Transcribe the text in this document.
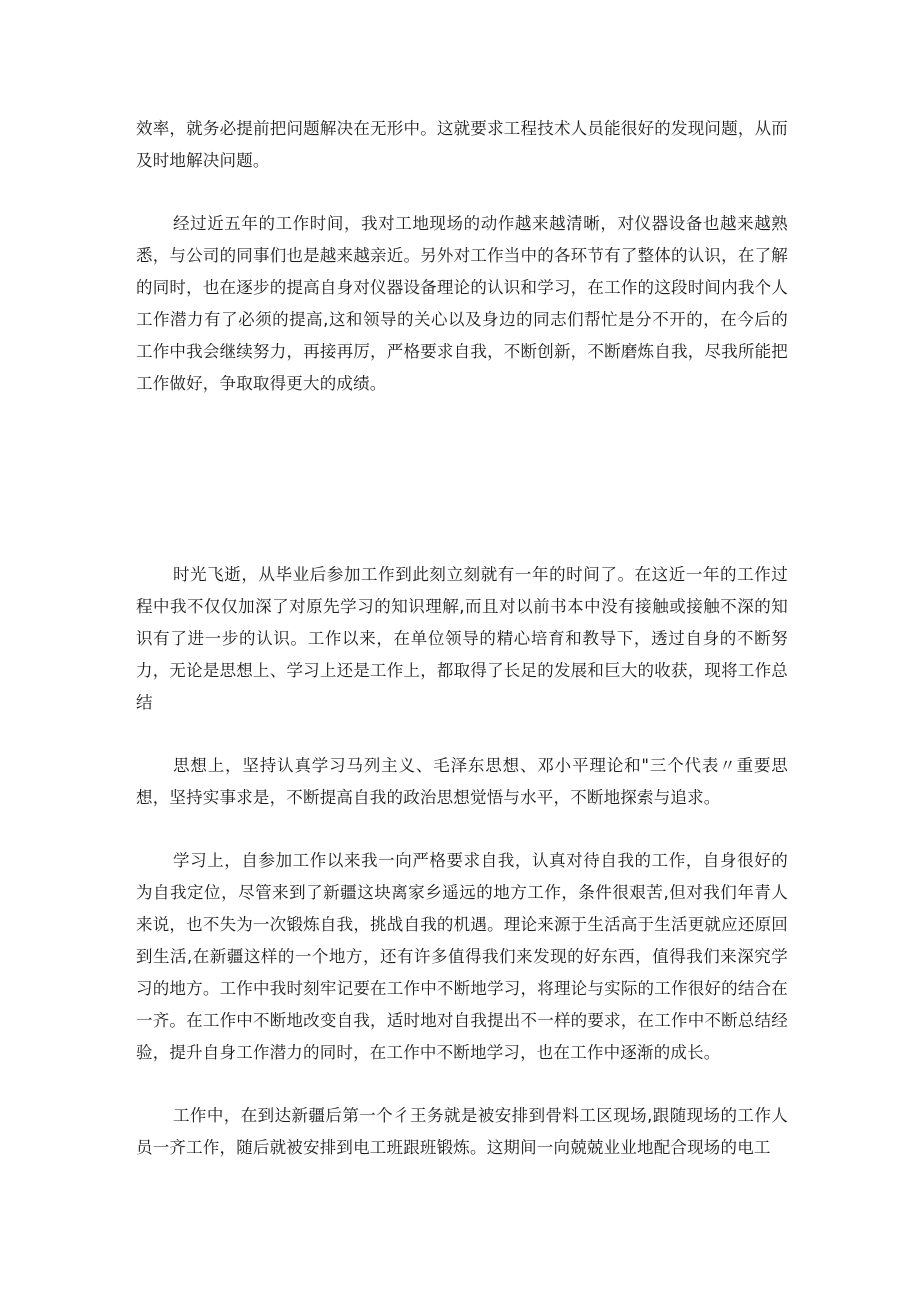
效率，就务必提前把问题解决在无形中。这就要求工程技术人员能很好的发现问题，从而及时地解决问题。

经过近五年的工作时间，我对工地现场的动作越来越清晰，对仪器设备也越来越熟悉，与公司的同事们也是越来越亲近。另外对工作当中的各环节有了整体的认识，在了解的同时，也在逐步的提高自身对仪器设备理论的认识和学习，在工作的这段时间内我个人工作潜力有了必须的提高,这和领导的关心以及身边的同志们帮忙是分不开的，在今后的工作中我会继续努力，再接再厉，严格要求自我，不断创新，不断磨炼自我，尽我所能把工作做好，争取取得更大的成绩。

时光飞逝，从毕业后参加工作到此刻立刻就有一年的时间了。在这近一年的工作过程中我不仅仅加深了对原先学习的知识理解,而且对以前书本中没有接触或接触不深的知识有了进一步的认识。工作以来，在单位领导的精心培育和教导下，透过自身的不断努力，无论是思想上、学习上还是工作上，都取得了长足的发展和巨大的收获，现将工作总结

思想上，坚持认真学习马列主义、毛泽东思想、邓小平理论和"三个代表〃重要思想，坚持实事求是，不断提高自我的政治思想觉悟与水平，不断地探索与追求。

学习上，自参加工作以来我一向严格要求自我，认真对待自我的工作，自身很好的为自我定位，尽管来到了新疆这块离家乡遥远的地方工作，条件很艰苦,但对我们年青人来说，也不失为一次锻炼自我，挑战自我的机遇。理论来源于生活高于生活更就应还原回到生活,在新疆这样的一个地方，还有许多值得我们来发现的好东西，值得我们来深究学习的地方。工作中我时刻牢记要在工作中不断地学习，将理论与实际的工作很好的结合在一齐。在工作中不断地改变自我，适时地对自我提出不一样的要求，在工作中不断总结经验，提升自身工作潜力的同时，在工作中不断地学习，也在工作中逐渐的成长。

工作中，在到达新疆后第一个彳王务就是被安排到骨料工区现场,跟随现场的工作人员一齐工作，随后就被安排到电工班跟班锻炼。这期间一向兢兢业业地配合现场的电工
